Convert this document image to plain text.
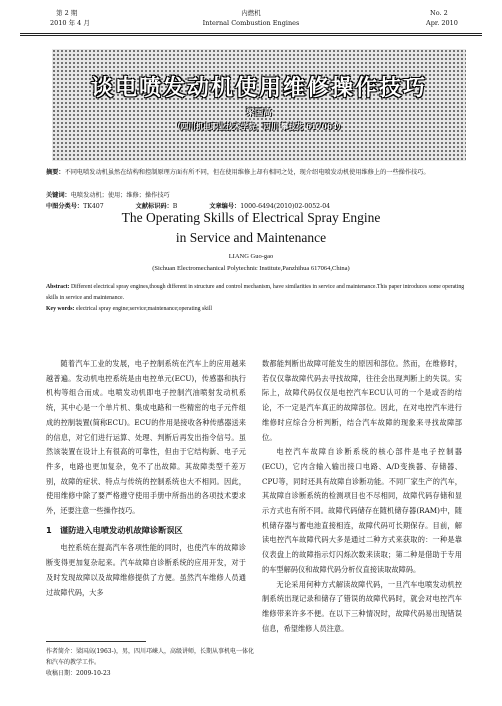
第 2 期
2010 年 4 月
内燃机
Internal Combustion Engines
No. 2
Apr. 2010
谈电喷发动机使用维修操作技巧
梁国高
（四川机电职业技术学院，四川 攀枝花 617064）
摘要：不同电喷发动机虽然在结构和控制原理方面有所不同，但在使用维修上却有相同之处，现介绍电喷发动机使用维修上的一些操作技巧。
关键词：电喷发动机；使用；维修；操作技巧
中图分类号：TK407	文献标识码：B	文章编号：1000-6494(2010)02-0052-04
The Operating Skills of Electrical Spray Engine
in Service and Maintenance
LIANG Guo-gao
(Sichuan Electromechanical Polytechnic Institute,Panzhihua 617064,China)
Abstract: Different electrical spray engines,though different in structure and control mechanism, have similarities in service and maintenance.This paper introduces some operating skills in service and maintenance.
Key words: electrical spray engine;service;maintenance;operating skill

随着汽车工业的发展，电子控制系统在汽车上的应用越来越普遍。发动机电控系统是由电控单元(ECU)，传感器和执行机构等组合而成。电喷发动机即电子控制汽油喷射发动机系统，其中心是一个单片机、集成电路和一些精密的电子元件组成的控制装置(简称ECU)。ECU的作用是接收各种传感器送来的信息，对它们进行运算、处理、判断后再发出指令信号。虽然该装置在设计上有很高的可靠性，但由于它结构新、电子元件多，电路也更加复杂，免不了出故障。其故障类型千差万别，故障的症状、特点与传统的控制系统也大不相同。因此，使用维修中除了要严格遵守使用手册中所指出的各项技术要求外，还要注意一些操作技巧。

1　谨防进入电喷发动机故障诊断误区

电控系统在提高汽车各项性能的同时，也使汽车的故障诊断变得更加复杂起来。汽车故障自诊断系统的应用开发，对于及时发现故障以及故障维修提供了方便。虽然汽车维修人员通过故障代码，大多

数都能判断出故障可能发生的原因和部位。然而，在维修时，若仅仅靠故障代码去寻找故障，往往会出现判断上的失误。实际上，故障代码仅仅是电控汽车ECU认可的一个是或否的结论，不一定是汽车真正的故障部位。因此，在对电控汽车进行维修时应综合分析判断，结合汽车故障的现象来寻找故障部位。

电控汽车故障自诊断系统的核心部件是电子控制器(ECU)，它内含输入输出接口电路、A/D变换器、存储器、CPU等，同时还具有故障自诊断功能。不同厂家生产的汽车，其故障自诊断系统的检测项目也不尽相同，故障代码存储和显示方式也有所不同。故障代码储存在随机储存器(RAM)中，随机储存器与蓄电池直接相连，故障代码可长期保存。目前，解读电控汽车故障代码大多是通过二种方式来获取的：一种是靠仪表盘上的故障指示灯闪烁次数来读取；第二种是借助于专用的车型解码仪和故障代码分析仪直接读取故障码。

无论采用何种方式解读故障代码，一旦汽车电喷发动机控制系统出现记录和储存了错误的故障代码时，就会对电控汽车维修带来许多不便。在以下三种情况时，故障代码易出现错误信息，希望维修人员注意。

作者简介：梁国高(1963-)，男，四川邛崃人，高级讲师，长期从事机电一体化和汽车的教学工作。
收稿日期：2009-10-23
